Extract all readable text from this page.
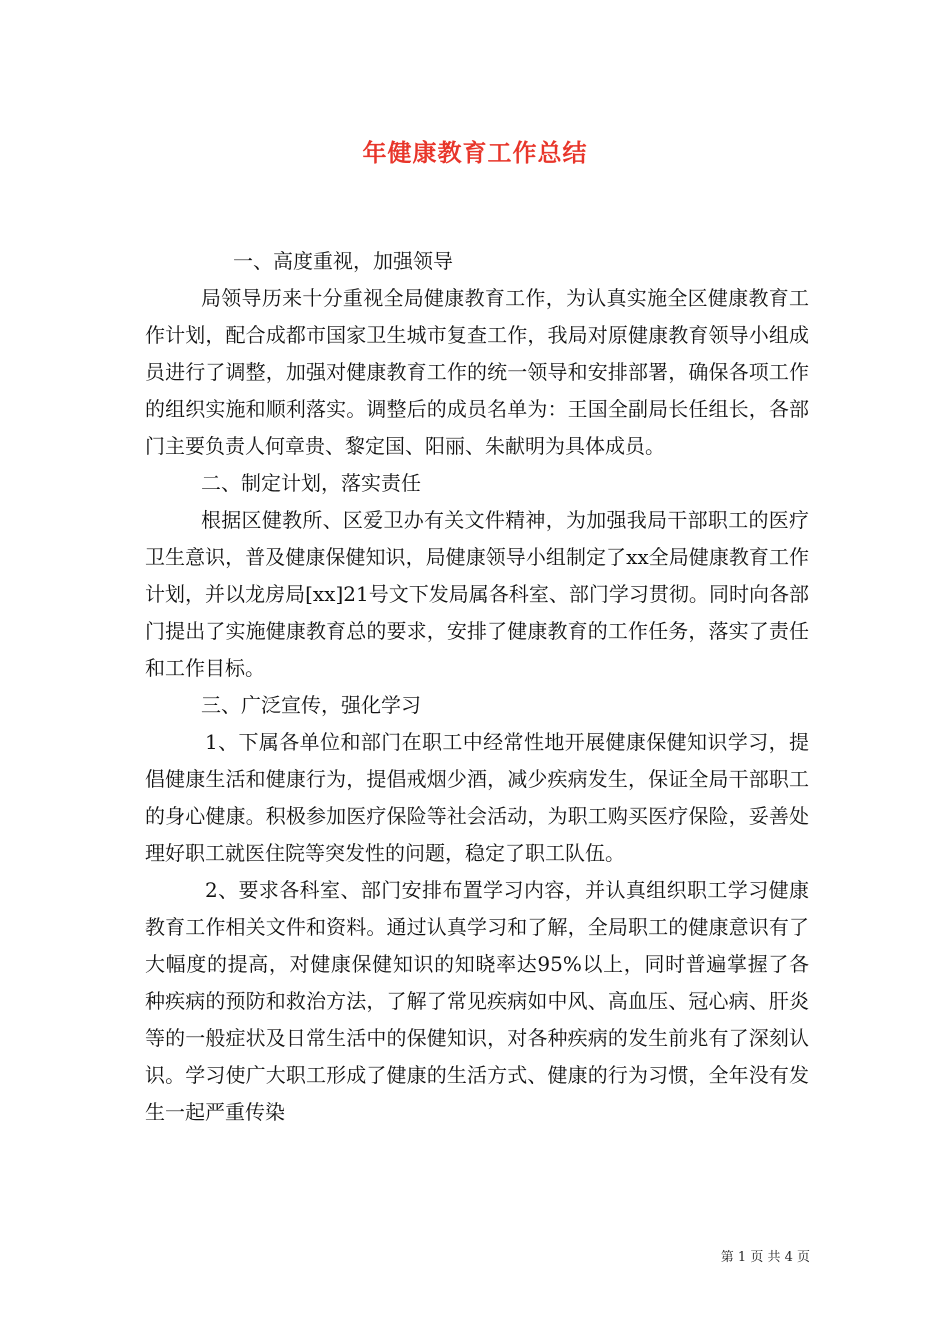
年健康教育工作总结

一、高度重视，加强领导

局领导历来十分重视全局健康教育工作，为认真实施全区健康教育工作计划，配合成都市国家卫生城市复查工作，我局对原健康教育领导小组成员进行了调整，加强对健康教育工作的统一领导和安排部署，确保各项工作的组织实施和顺利落实。调整后的成员名单为：王国全副局长任组长，各部门主要负责人何章贵、黎定国、阳丽、朱献明为具体成员。

二、制定计划，落实责任

根据区健教所、区爱卫办有关文件精神，为加强我局干部职工的医疗卫生意识，普及健康保健知识，局健康领导小组制定了xx全局健康教育工作计划，并以龙房局[xx]21号文下发局属各科室、部门学习贯彻。同时向各部门提出了实施健康教育总的要求，安排了健康教育的工作任务，落实了责任和工作目标。

三、广泛宣传，强化学习

1、下属各单位和部门在职工中经常性地开展健康保健知识学习，提倡健康生活和健康行为，提倡戒烟少酒，减少疾病发生，保证全局干部职工的身心健康。积极参加医疗保险等社会活动，为职工购买医疗保险，妥善处理好职工就医住院等突发性的问题，稳定了职工队伍。

2、要求各科室、部门安排布置学习内容，并认真组织职工学习健康教育工作相关文件和资料。通过认真学习和了解，全局职工的健康意识有了大幅度的提高，对健康保健知识的知晓率达95%以上，同时普遍掌握了各种疾病的预防和救治方法，了解了常见疾病如中风、高血压、冠心病、肝炎等的一般症状及日常生活中的保健知识，对各种疾病的发生前兆有了深刻认识。学习使广大职工形成了健康的生活方式、健康的行为习惯，全年没有发生一起严重传染

第 1 页 共 4 页
